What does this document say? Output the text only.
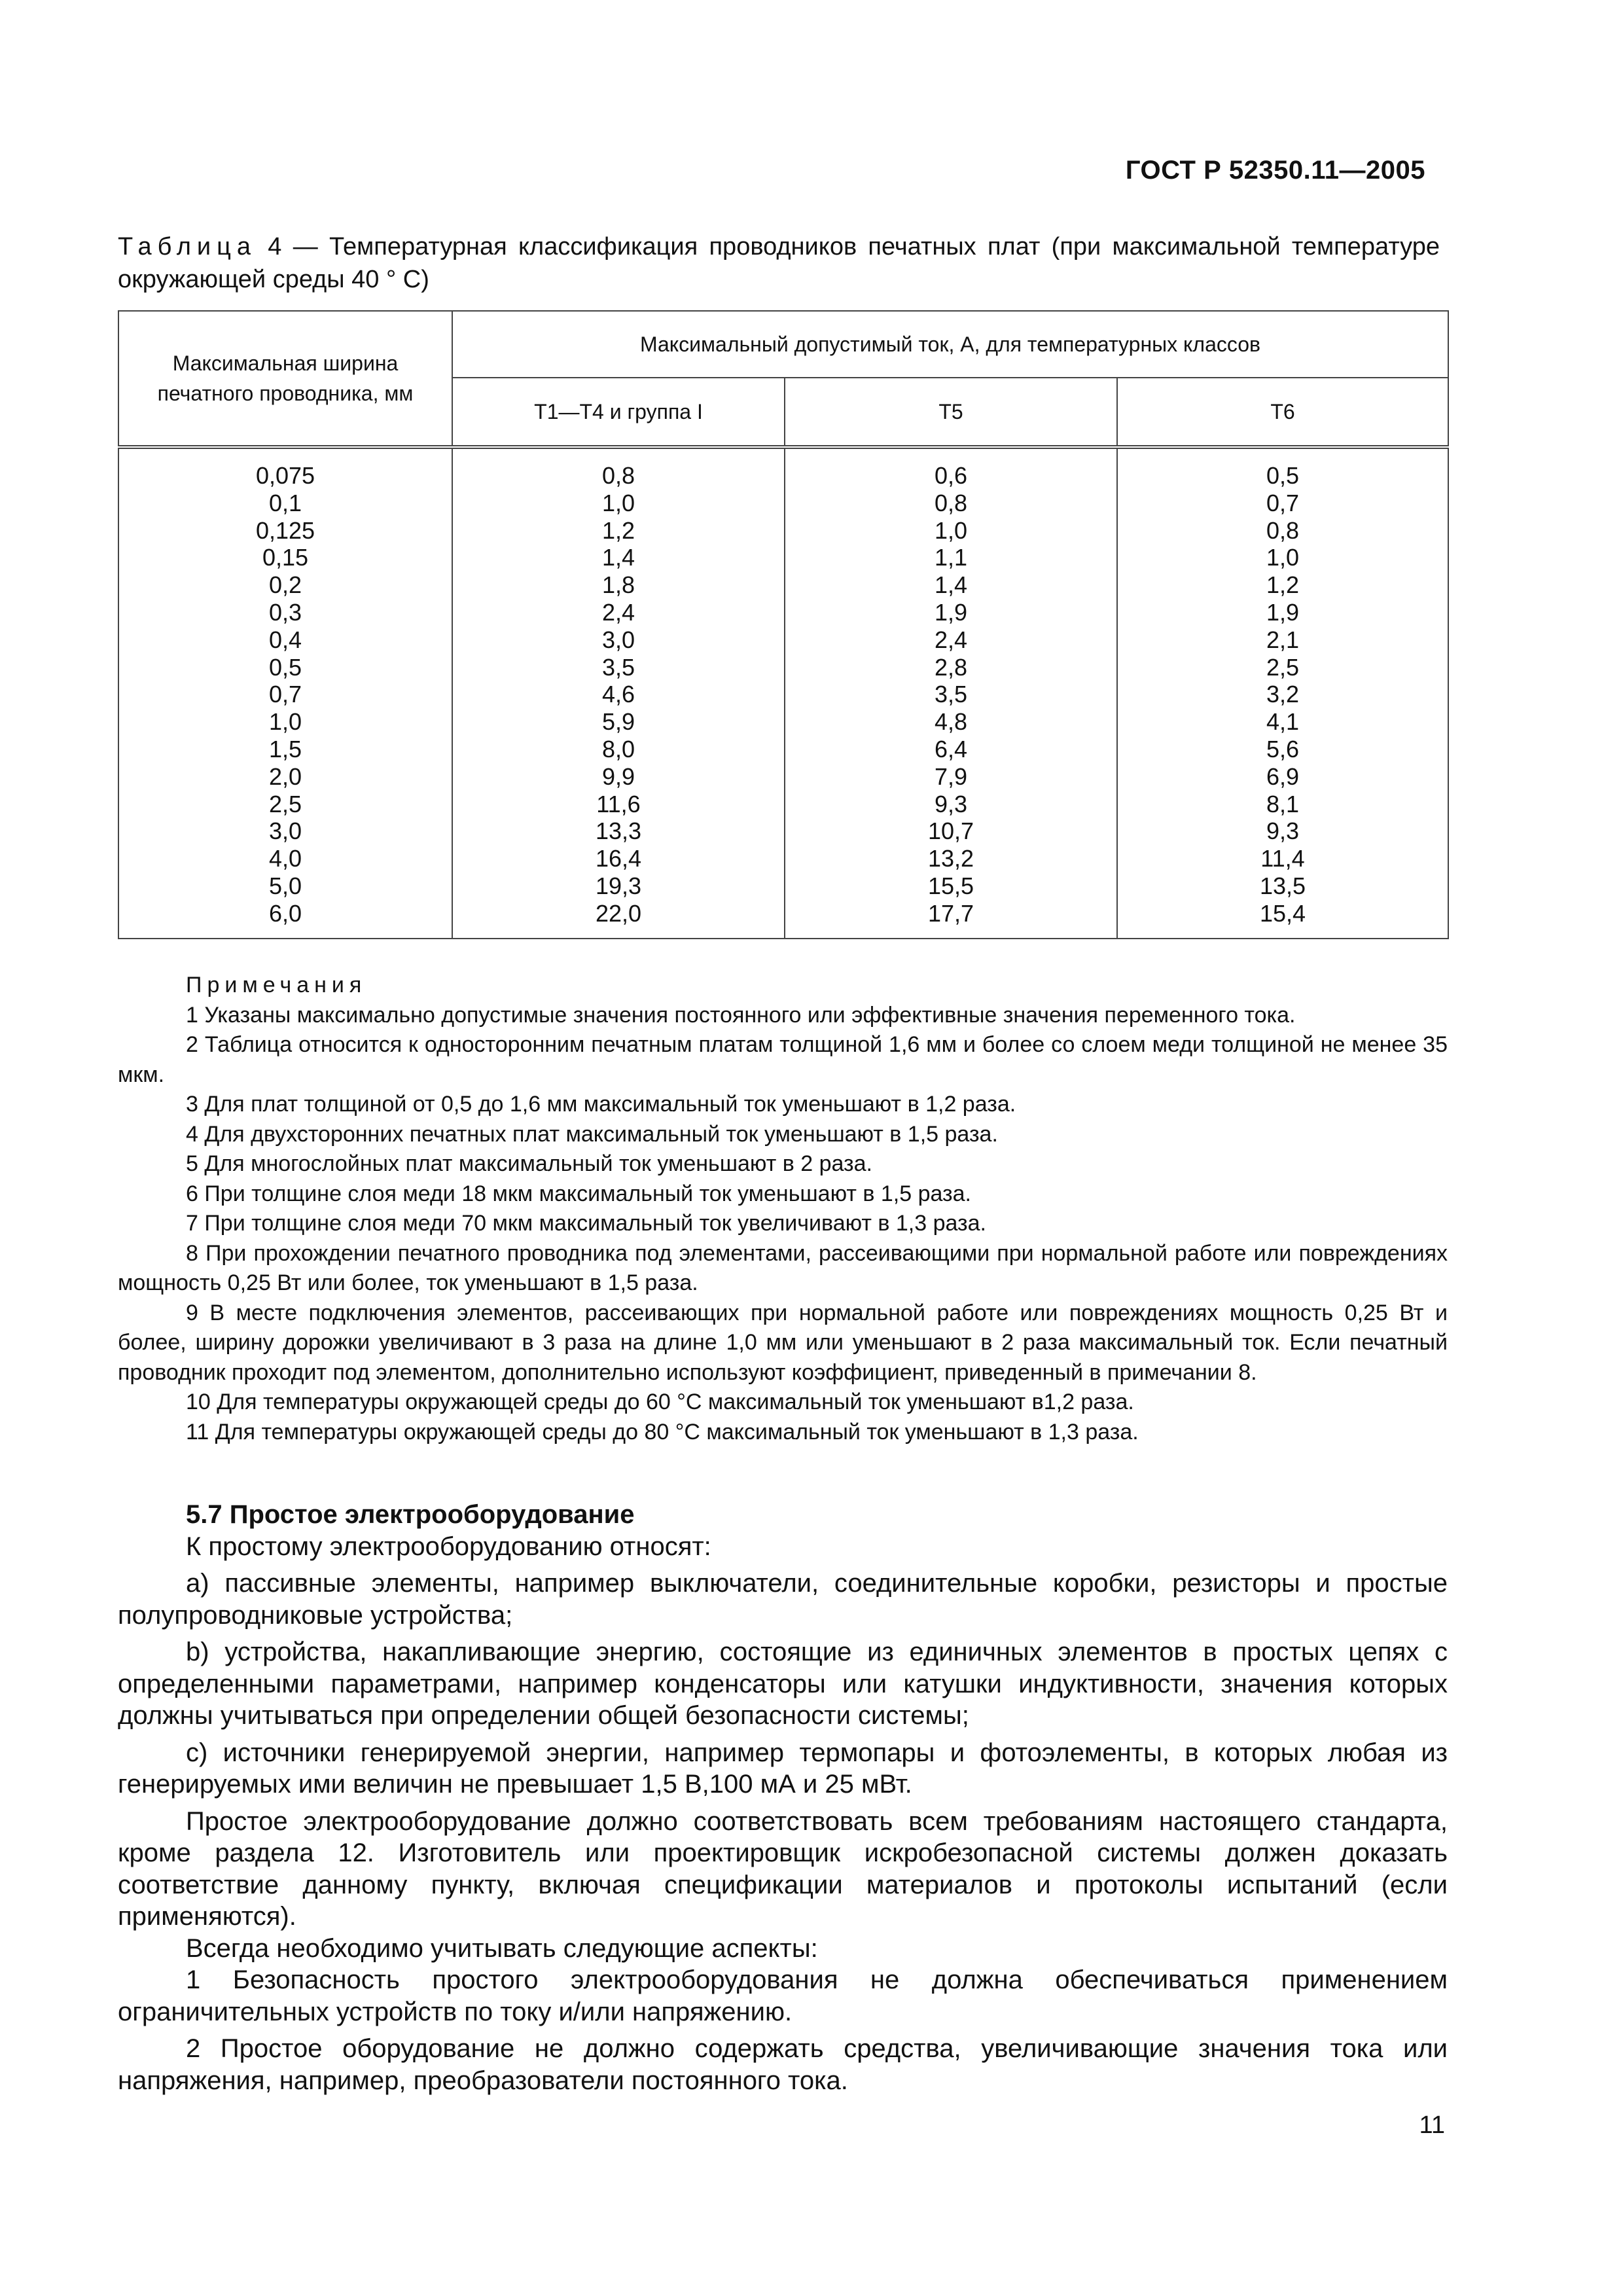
ГОСТ Р 52350.11—2005
Таблица 4 — Температурная классификация проводников печатных плат (при максимальной температуре окружающей среды 40 ° С)
Максимальная ширина печатного проводника, мм	Максимальный допустимый ток, А, для температурных классов		
	Т1—Т4 и группа I	Т5	Т6
0,075	0,8	0,6	0,5
0,1	1,0	0,8	0,7
0,125	1,2	1,0	0,8
0,15	1,4	1,1	1,0
0,2	1,8	1,4	1,2
0,3	2,4	1,9	1,9
0,4	3,0	2,4	2,1
0,5	3,5	2,8	2,5
0,7	4,6	3,5	3,2
1,0	5,9	4,8	4,1
1,5	8,0	6,4	5,6
2,0	9,9	7,9	6,9
2,5	11,6	9,3	8,1
3,0	13,3	10,7	9,3
4,0	16,4	13,2	11,4
5,0	19,3	15,5	13,5
6,0	22,0	17,7	15,4
Примечания
1 Указаны максимально допустимые значения постоянного или эффективные значения переменного тока.
2 Таблица относится к односторонним печатным платам толщиной 1,6 мм и более со слоем меди толщиной не менее 35 мкм.
3 Для плат толщиной от 0,5 до 1,6 мм максимальный ток уменьшают в 1,2 раза.
4 Для двухсторонних печатных плат максимальный ток уменьшают в 1,5 раза.
5 Для многослойных плат максимальный ток уменьшают в 2 раза.
6 При толщине слоя меди 18 мкм максимальный ток уменьшают в 1,5 раза.
7 При толщине слоя меди 70 мкм максимальный ток увеличивают в 1,3 раза.
8 При прохождении печатного проводника под элементами, рассеивающими при нормальной работе или повреждениях мощность 0,25 Вт или более, ток уменьшают в 1,5 раза.
9 В месте подключения элементов, рассеивающих при нормальной работе или повреждениях мощность 0,25 Вт и более, ширину дорожки увеличивают в 3 раза на длине 1,0 мм или уменьшают в 2 раза максимальный ток. Если печатный проводник проходит под элементом, дополнительно используют коэффициент, приведенный в примечании 8.
10 Для температуры окружающей среды до 60 °С максимальный ток уменьшают в1,2 раза.
11 Для температуры окружающей среды до 80 °С максимальный ток уменьшают в 1,3 раза.
5.7 Простое электрооборудование

К простому электрооборудованию относят:

а) пассивные элементы, например выключатели, соединительные коробки, резисторы и простые полупроводниковые устройства;

b) устройства, накапливающие энергию, состоящие из единичных элементов в простых цепях с определенными параметрами, например конденсаторы или катушки индуктивности, значения которых должны учитываться при определении общей безопасности системы;

с) источники генерируемой энергии, например термопары и фотоэлементы, в которых любая из генерируемых ими величин не превышает 1,5 В,100 мА и 25 мВт.

Простое электрооборудование должно соответствовать всем требованиям настоящего стандарта, кроме раздела 12. Изготовитель или проектировщик искробезопасной системы должен доказать соответствие данному пункту, включая спецификации материалов и протоколы испытаний (если применяются).

Всегда необходимо учитывать следующие аспекты:

1 Безопасность простого электрооборудования не должна обеспечиваться применением ограничительных устройств по току и/или напряжению.

2 Простое оборудование не должно содержать средства, увеличивающие значения тока или напряжения, например, преобразователи постоянного тока.

11
